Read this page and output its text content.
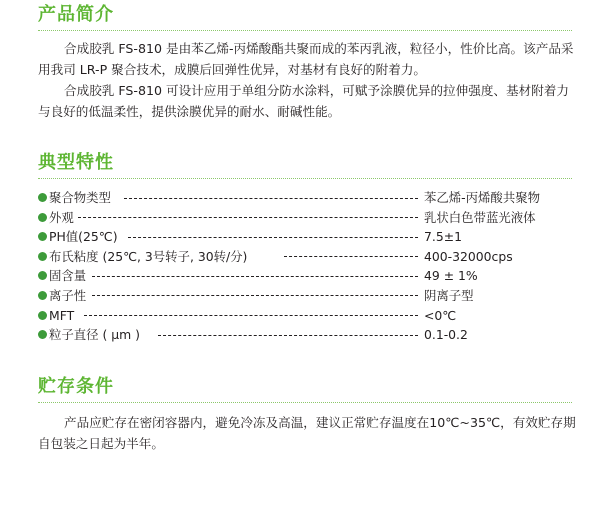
产品简介

合成胶乳 FS-810 是由苯乙烯-丙烯酸酯共聚而成的苯丙乳液，粒径小，性价比高。该产品采用我司 LR-P 聚合技术，成膜后回弹性优异，对基材有良好的附着力。

合成胶乳 FS-810 可设计应用于单组分防水涂料，可赋予涂膜优异的拉伸强度、基材附着力与良好的低温柔性，提供涂膜优异的耐水、耐碱性能。

典型特性
聚合物类型	苯乙烯-丙烯酸共聚物
外观	乳状白色带蓝光液体
PH值(25℃)	7.5±1
布氏粘度 (25℃, 3号转子, 30转/分)	400-32000cps
固含量	49 ± 1%
离子性	阴离子型
MFT	<0℃
粒子直径 ( μm )	0.1-0.2
贮存条件

产品应贮存在密闭容器内，避免冷冻及高温，建议正常贮存温度在10℃~35℃，有效贮存期自包装之日起为半年。
